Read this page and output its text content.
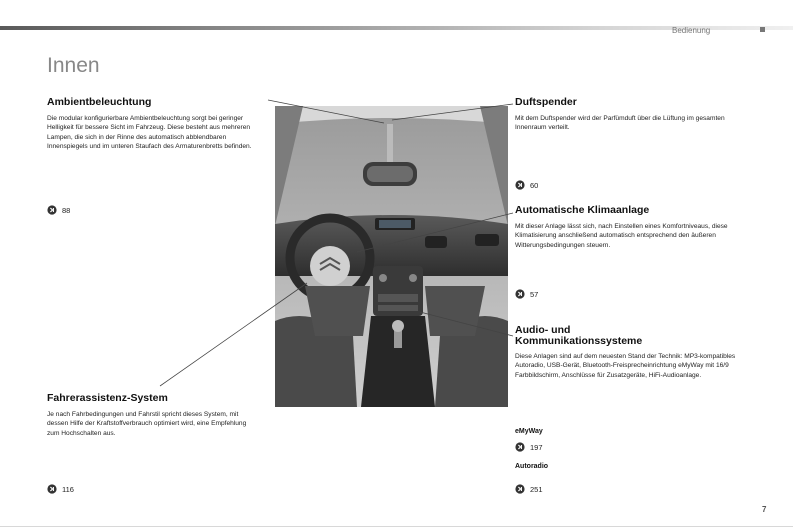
Bedienung
Innen
Ambientbeleuchtung

Die modular konfigurierbare Ambientbeleuchtung sorgt bei geringer Helligkeit für bessere Sicht im Fahrzeug. Diese besteht aus mehreren Lampen, die sich in der Rinne des automatisch abblendbaren Innenspiegels und im unteren Staufach des Armaturenbretts befinden.

88
Fahrerassistenz-System

Je nach Fahrbedingungen und Fahrstil spricht dieses System, mit dessen Hilfe der Kraftstoffverbrauch optimiert wird, eine Empfehlung zum Hochschalten aus.

116
Duftspender

Mit dem Duftspender wird der Parfümduft über die Lüftung im gesamten Innenraum verteilt.

60
Automatische Klimaanlage

Mit dieser Anlage lässt sich, nach Einstellen eines Komfortniveaus, diese Klimatisierung anschließend automatisch entsprechend den äußeren Witterungsbedingungen steuern.

57
Audio- und
Kommunikationssysteme

Diese Anlagen sind auf dem neuesten Stand der Technik: MP3-kompatibles Autoradio, USB-Gerät, Bluetooth-Freisprecheinrichtung eMyWay mit 16/9 Farbbildschirm, Anschlüsse für Zusatzgeräte, HiFi-Audioanlage.

eMyWay
197
Autoradio
251
7
